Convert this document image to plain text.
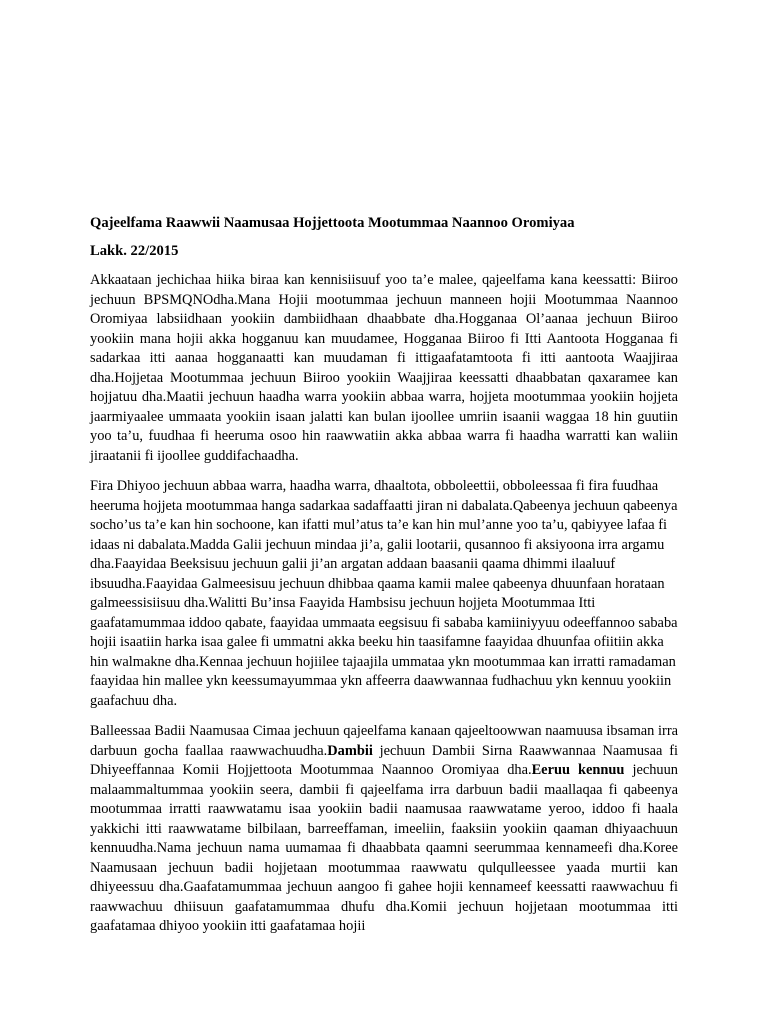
Qajeelfama Raawwii Naamusaa Hojjettoota Mootummaa Naannoo Oromiyaa
Lakk. 22/2015

Akkaataan jechichaa hiika biraa kan kennisiisuuf yoo ta’e malee, qajeelfama kana keessatti: Biiroo jechuun BPSMQNOdha.Mana Hojii mootummaa jechuun manneen hojii Mootummaa Naannoo Oromiyaa labsiidhaan yookiin dambiidhaan dhaabbate dha.Hogganaa Ol’aanaa jechuun Biiroo yookiin mana hojii akka hogganuu kan muudamee, Hogganaa Biiroo fi Itti Aantoota Hogganaa fi sadarkaa itti aanaa hogganaatti kan muudaman fi ittigaafatamtoota fi itti aantoota Waajjiraa dha.Hojjetaa Mootummaa jechuun Biiroo yookiin Waajjiraa keessatti dhaabbatan qaxaramee kan hojjatuu dha.Maatii jechuun haadha warra yookiin abbaa warra, hojjeta mootummaa yookiin hojjeta jaarmiyaalee ummaata yookiin isaan jalatti kan bulan ijoollee umriin isaanii waggaa 18 hin guutiin yoo ta’u, fuudhaa fi heeruma osoo hin raawwatiin akka abbaa warra fi haadha warratti kan waliin jiraatanii fi ijoollee guddifachaadha.

Fira Dhiyoo jechuun abbaa warra, haadha warra, dhaaltota, obboleettii, obboleessaa fi fira fuudhaa heeruma hojjeta mootummaa hanga sadarkaa sadaffaatti jiran ni dabalata.Qabeenya jechuun qabeenya socho’us ta’e kan hin sochoone, kan ifatti mul’atus ta’e kan hin mul’anne yoo ta’u, qabiyyee lafaa fi idaas ni dabalata.Madda Galii jechuun mindaa ji’a, galii lootarii, qusannoo fi aksiyoona irra argamu dha.Faayidaa Beeksisuu jechuun galii ji’an argatan addaan baasanii qaama dhimmi ilaaluuf ibsuudha.Faayidaa Galmeesisuu jechuun dhibbaa qaama kamii malee qabeenya dhuunfaan horataan galmeessisiisuu dha.Walitti Bu’insa Faayida Hambsisu jechuun hojjeta Mootummaa Itti gaafatamummaa iddoo qabate, faayidaa ummaata eegsisuu fi sababa kamiiniyyuu odeeffannoo sababa hojii isaatiin harka isaa galee fi ummatni akka beeku hin taasifamne faayidaa dhuunfaa ofiitiin akka hin walmakne dha.Kennaa jechuun hojiilee tajaajila ummataa ykn mootummaa kan irratti ramadaman faayidaa hin mallee ykn keessumayummaa ykn affeerra daawwannaa fudhachuu ykn kennuu yookiin gaafachuu dha.

Balleessaa Badii Naamusaa Cimaa jechuun qajeelfama kanaan qajeeltoowwan naamuusa ibsaman irra darbuun gocha faallaa raawwachuudha.Dambii jechuun Dambii Sirna Raawwannaa Naamusaa fi Dhiyeeffannaa Komii Hojjettoota Mootummaa Naannoo Oromiyaa dha.Eeruu kennuu jechuun malaammaltummaa yookiin seera, dambii fi qajeelfama irra darbuun badii maallaqaa fi qabeenya mootummaa irratti raawwatamu isaa yookiin badii naamusaa raawwatame yeroo, iddoo fi haala yakkichi itti raawwatame bilbilaan, barreeffaman, imeeliin, faaksiin yookiin qaaman dhiyaachuun kennuudha.Nama jechuun nama uumamaa fi dhaabbata qaamni seerummaa kennameefi dha.Koree Naamusaan jechuun badii hojjetaan mootummaa raawwatu qulqulleessee yaada murtii kan dhiyeessuu dha.Gaafatamummaa jechuun aangoo fi gahee hojii kennameef keessatti raawwachuu fi raawwachuu dhiisuun gaafatamummaa dhufu dha.Komii jechuun hojjetaan mootummaa itti gaafatamaa dhiyoo yookiin itti gaafatamaa hojii
